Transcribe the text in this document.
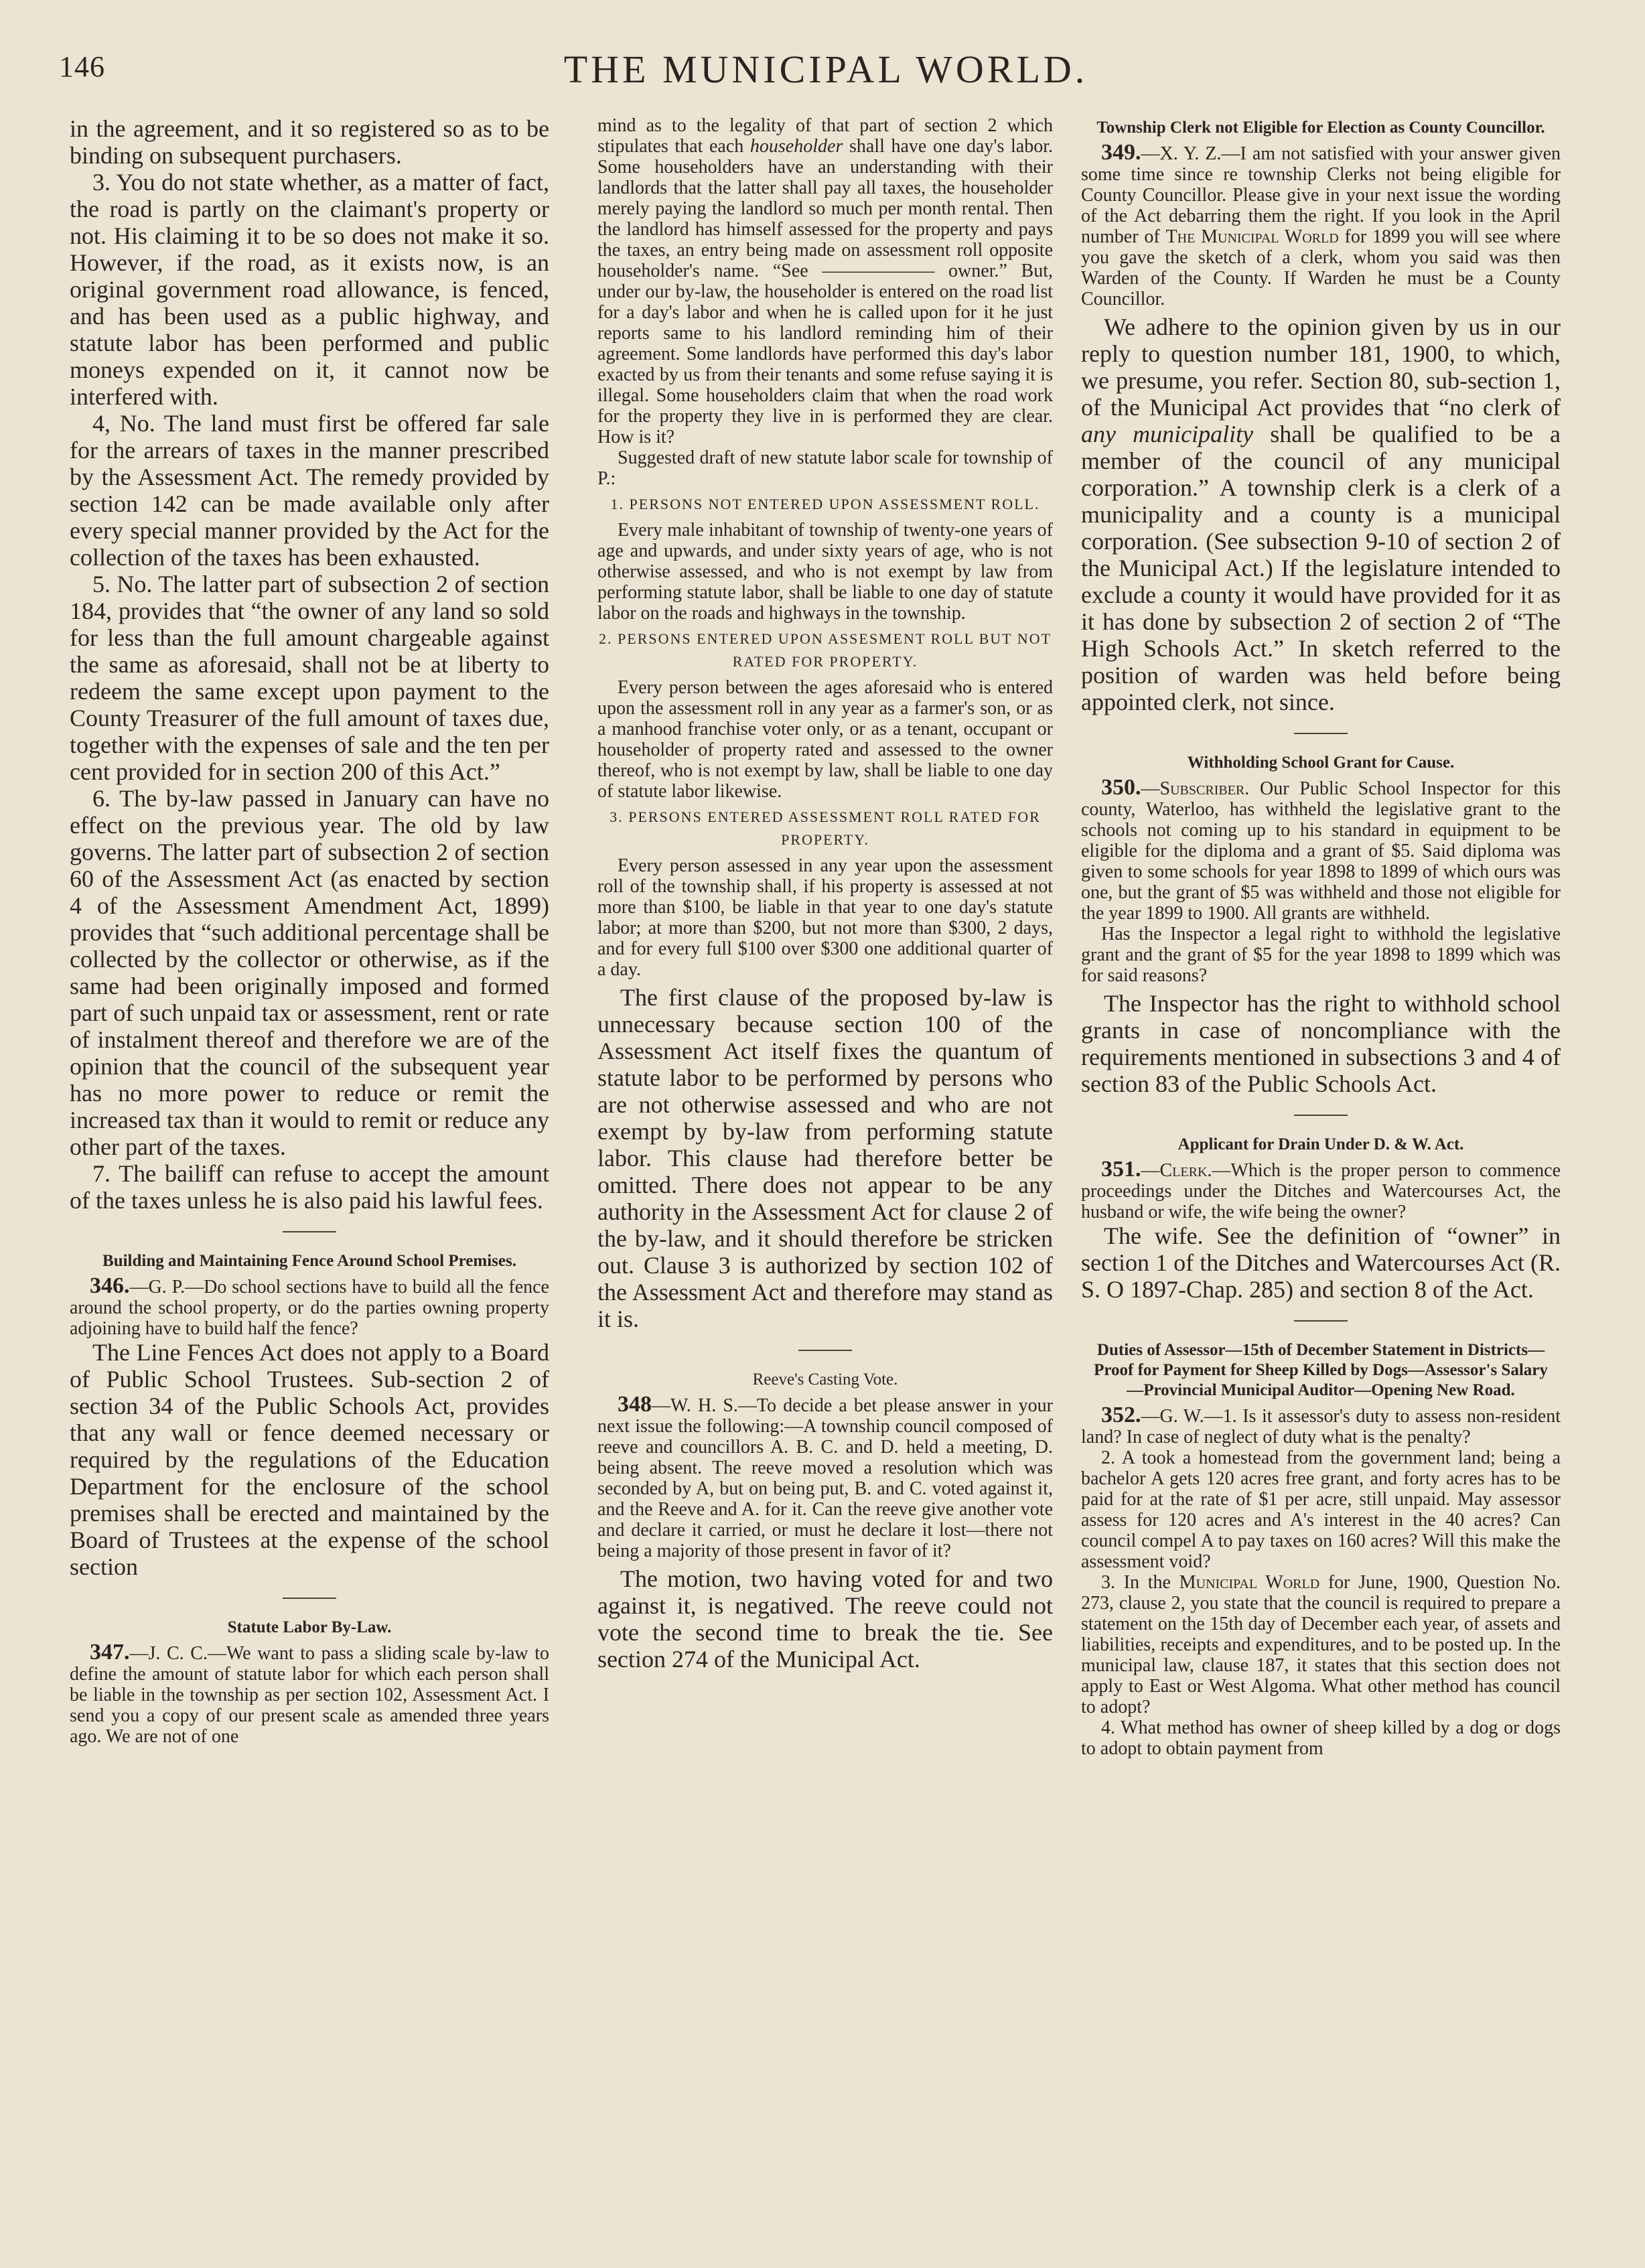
146	THE MUNICIPAL WORLD.

in the agreement, and it so registered so as to be binding on subsequent purchasers.

3. You do not state whether, as a matter of fact, the road is partly on the claimant's property or not. His claiming it to be so does not make it so. However, if the road, as it exists now, is an original government road allowance, is fenced, and has been used as a public highway, and statute labor has been performed and public moneys expended on it, it cannot now be interfered with.

4, No. The land must first be offered far sale for the arrears of taxes in the manner prescribed by the Assessment Act. The remedy provided by section 142 can be made available only after every special manner provided by the Act for the collection of the taxes has been exhausted.

5. No. The latter part of subsection 2 of section 184, provides that “the owner of any land so sold for less than the full amount chargeable against the same as aforesaid, shall not be at liberty to redeem the same except upon payment to the County Treasurer of the full amount of taxes due, together with the expenses of sale and the ten per cent provided for in section 200 of this Act.”

6. The by-law passed in January can have no effect on the previous year. The old by law governs. The latter part of subsection 2 of section 60 of the Assessment Act (as enacted by section 4 of the Assessment Amendment Act, 1899) provides that “such additional percentage shall be collected by the collector or otherwise, as if the same had been originally imposed and formed part of such unpaid tax or assessment, rent or rate of instalment thereof and therefore we are of the opinion that the council of the subsequent year has no more power to reduce or remit the increased tax than it would to remit or reduce any other part of the taxes.

7. The bailiff can refuse to accept the amount of the taxes unless he is also paid his lawful fees.

Building and Maintaining Fence Around School Premises.

346.—G. P.—Do school sections have to build all the fence around the school property, or do the parties owning property adjoining have to build half the fence?

The Line Fences Act does not apply to a Board of Public School Trustees. Sub-section 2 of section 34 of the Public Schools Act, provides that any wall or fence deemed necessary or required by the regulations of the Education Department for the enclosure of the school premises shall be erected and maintained by the Board of Trustees at the expense of the school section

Statute Labor By-Law.

347.—J. C. C.—We want to pass a sliding scale by-law to define the amount of statute labor for which each person shall be liable in the township as per section 102, Assessment Act. I send you a copy of our present scale as amended three years ago. We are not of one

mind as to the legality of that part of section 2 which stipulates that each householder shall have one day's labor. Some householders have an understanding with their landlords that the latter shall pay all taxes, the householder merely paying the landlord so much per month rental. Then the landlord has himself assessed for the property and pays the taxes, an entry being made on assessment roll opposite householder's name. “See —————— owner.” But, under our by-law, the householder is entered on the road list for a day's labor and when he is called upon for it he just reports same to his landlord reminding him of their agreement. Some landlords have performed this day's labor exacted by us from their tenants and some refuse saying it is illegal. Some householders claim that when the road work for the property they live in is performed they are clear. How is it?

Suggested draft of new statute labor scale for township of P.:

1. PERSONS NOT ENTERED UPON ASSESSMENT ROLL.

Every male inhabitant of township of twenty-one years of age and upwards, and under sixty years of age, who is not otherwise assessed, and who is not exempt by law from performing statute labor, shall be liable to one day of statute labor on the roads and highways in the township.

2. PERSONS ENTERED UPON ASSESMENT ROLL BUT NOT RATED FOR PROPERTY.

Every person between the ages aforesaid who is entered upon the assessment roll in any year as a farmer's son, or as a manhood franchise voter only, or as a tenant, occupant or householder of property rated and assessed to the owner thereof, who is not exempt by law, shall be liable to one day of statute labor likewise.

3. PERSONS ENTERED ASSESSMENT ROLL RATED FOR PROPERTY.

Every person assessed in any year upon the assessment roll of the township shall, if his property is assessed at not more than $100, be liable in that year to one day's statute labor; at more than $200, but not more than $300, 2 days, and for every full $100 over $300 one additional quarter of a day.

The first clause of the proposed by-law is unnecessary because section 100 of the Assessment Act itself fixes the quantum of statute labor to be performed by persons who are not otherwise assessed and who are not exempt by by-law from performing statute labor. This clause had therefore better be omitted. There does not appear to be any authority in the Assessment Act for clause 2 of the by-law, and it should therefore be stricken out. Clause 3 is authorized by section 102 of the Assessment Act and therefore may stand as it is.

Reeve's Casting Vote.

348—W. H. S.—To decide a bet please answer in your next issue the following:—A township council composed of reeve and councillors A. B. C. and D. held a meeting, D. being absent. The reeve moved a resolution which was seconded by A, but on being put, B. and C. voted against it, and the Reeve and A. for it. Can the reeve give another vote and declare it carried, or must he declare it lost—there not being a majority of those present in favor of it?

The motion, two having voted for and two against it, is negatived. The reeve could not vote the second time to break the tie. See section 274 of the Municipal Act.

Township Clerk not Eligible for Election as County Councillor.

349.—X. Y. Z.—I am not satisfied with your answer given some time since re township Clerks not being eligible for County Councillor. Please give in your next issue the wording of the Act debarring them the right. If you look in the April number of The Municipal World for 1899 you will see where you gave the sketch of a clerk, whom you said was then Warden of the County. If Warden he must be a County Councillor.

We adhere to the opinion given by us in our reply to question number 181, 1900, to which, we presume, you refer. Section 80, sub-section 1, of the Municipal Act provides that “no clerk of any municipality shall be qualified to be a member of the council of any municipal corporation.” A township clerk is a clerk of a municipality and a county is a municipal corporation. (See subsection 9-10 of section 2 of the Municipal Act.) If the legislature intended to exclude a county it would have provided for it as it has done by subsection 2 of section 2 of “The High Schools Act.” In sketch referred to the position of warden was held before being appointed clerk, not since.

Withholding School Grant for Cause.

350.—Subscriber. Our Public School Inspector for this county, Waterloo, has withheld the legislative grant to the schools not coming up to his standard in equipment to be eligible for the diploma and a grant of $5. Said diploma was given to some schools for year 1898 to 1899 of which ours was one, but the grant of $5 was withheld and those not eligible for the year 1899 to 1900. All grants are withheld.

Has the Inspector a legal right to withhold the legislative grant and the grant of $5 for the year 1898 to 1899 which was for said reasons?

The Inspector has the right to withhold school grants in case of noncompliance with the requirements mentioned in subsections 3 and 4 of section 83 of the Public Schools Act.

Applicant for Drain Under D. & W. Act.

351.—Clerk.—Which is the proper person to commence proceedings under the Ditches and Watercourses Act, the husband or wife, the wife being the owner?

The wife. See the definition of “owner” in section 1 of the Ditches and Watercourses Act (R. S. O 1897-Chap. 285) and section 8 of the Act.

Duties of Assessor—15th of December Statement in Districts—Proof for Payment for Sheep Killed by Dogs—Assessor's Salary—Provincial Municipal Auditor—Opening New Road.

352.—G. W.—1. Is it assessor's duty to assess non-resident land? In case of neglect of duty what is the penalty?

2. A took a homestead from the government land; being a bachelor A gets 120 acres free grant, and forty acres has to be paid for at the rate of $1 per acre, still unpaid. May assessor assess for 120 acres and A's interest in the 40 acres? Can council compel A to pay taxes on 160 acres? Will this make the assessment void?

3. In the Municipal World for June, 1900, Question No. 273, clause 2, you state that the council is required to prepare a statement on the 15th day of December each year, of assets and liabilities, receipts and expenditures, and to be posted up. In the municipal law, clause 187, it states that this section does not apply to East or West Algoma. What other method has council to adopt?

4. What method has owner of sheep killed by a dog or dogs to adopt to obtain payment from
